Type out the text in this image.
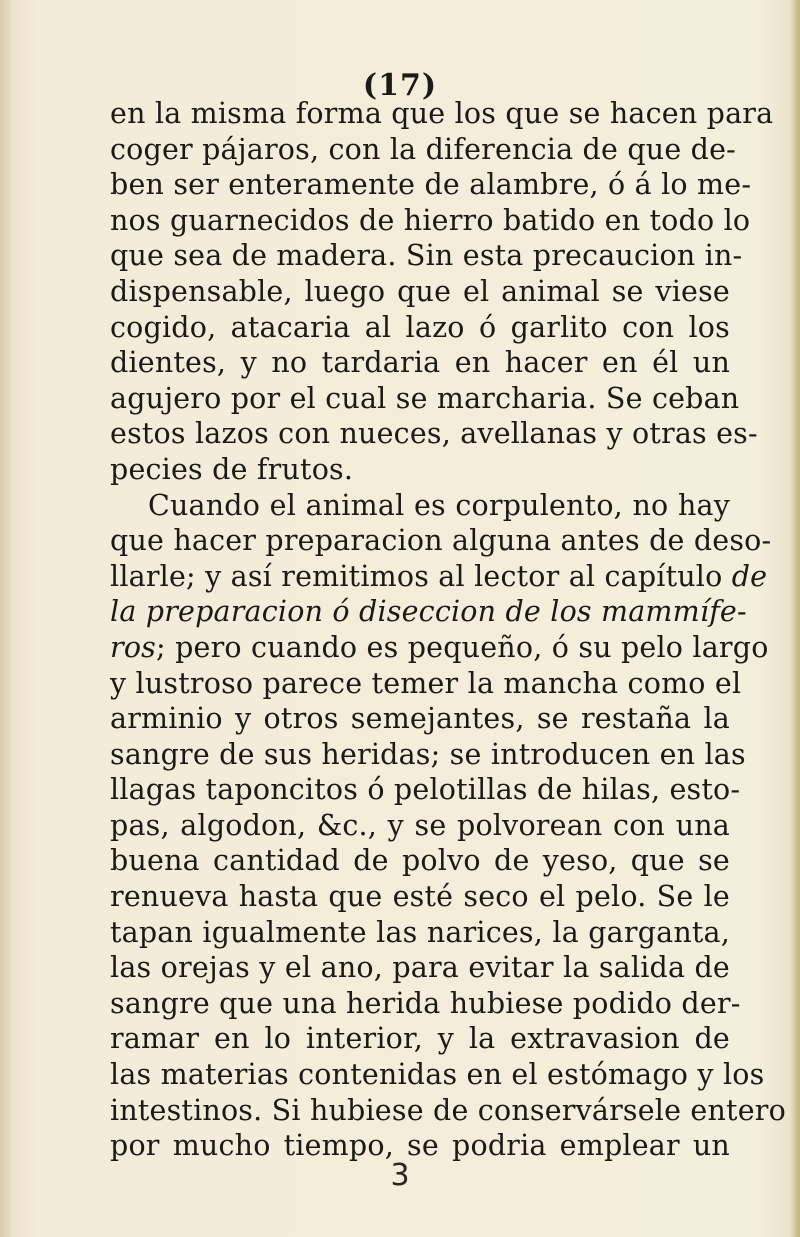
(17)
en la misma forma que los que se hacen para
coger pájaros, con la diferencia de que de-
ben ser enteramente de alambre, ó á lo me-
nos guarnecidos de hierro batido en todo lo
que sea de madera. Sin esta precaucion in-
dispensable, luego que el animal se viese
cogido, atacaria al lazo ó garlito con los
dientes, y no tardaria en hacer en él un
agujero por el cual se marcharia. Se ceban
estos lazos con nueces, avellanas y otras es-
pecies de frutos.
Cuando el animal es corpulento, no hay
que hacer preparacion alguna antes de deso-
llarle; y así remitimos al lector al capítulo de
la preparacion ó diseccion de los mammífe-
ros; pero cuando es pequeño, ó su pelo largo
y lustroso parece temer la mancha como el
arminio y otros semejantes, se restaña la
sangre de sus heridas; se introducen en las
llagas taponcitos ó pelotillas de hilas, esto-
pas, algodon, &c., y se polvorean con una
buena cantidad de polvo de yeso, que se
renueva hasta que esté seco el pelo. Se le
tapan igualmente las narices, la garganta,
las orejas y el ano, para evitar la salida de
sangre que una herida hubiese podido der-
ramar en lo interior, y la extravasion de
las materias contenidas en el estómago y los
intestinos. Si hubiese de conservársele entero
por mucho tiempo, se podria emplear un
3
